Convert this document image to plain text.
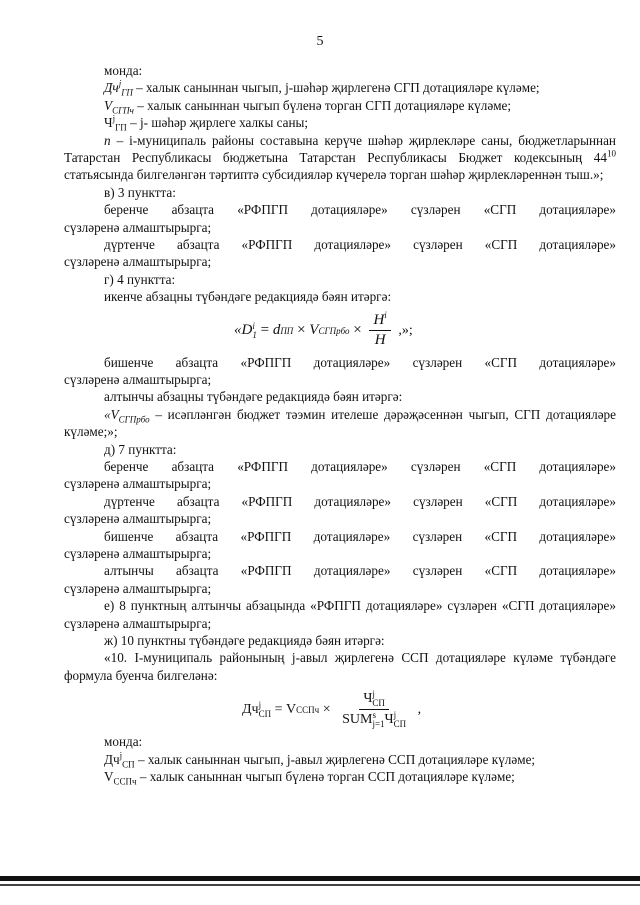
5

монда:

$Дч^j_{ГП}$ – халык саныннан чыгып, j-шәһәр җирлегенә СГП дотацияләре күләме;

$V_{СГПч}$ – халык саныннан чыгып бүленә торган СГП дотацияләре күләме;

$Ч^j_{ГП} - j-$ шәһәр җирлеге халкы саны;

n – i-муниципаль районы составына керүче шәһәр җирлекләре саны, бюджетларыннан Татарстан Республикасы бюджетына Татарстан Республикасы Бюджет кодексының $44^{10}$ статьясында билгеләнгән тәртиптә субсидияләр күчерелә торган шәһәр җирлекләреннән тыш.»;

в) 3 пунктта:

беренче абзацта «РФПГП дотацияләре» сүзләрен «СГП дотацияләре»

сүзләренә алмаштырырга;

дүртенче абзацта «РФПГП дотацияләре» сүзләрен «СГП дотацияләре»

сүзләренә алмаштырырга;

г) 4 пунктта:

икенче абзацны түбәндәге редакциядә бәян итәргә:

«D i
1 = d ПП × V СГПрбо × $\frac{H^i}{H}$ ,»;

бишенче абзацта «РФПГП дотацияләре» сүзләрен «СГП дотацияләре»

сүзләренә алмаштырырга;

алтынчы абзацны түбәндәге редакциядә бәян итәргә:

«$V_{СГПрбо}$ – исәпләнгән бюджет тәэмин ителеше дәрәҗәсеннән чыгып, СГП дотацияләре күләме;»;

д) 7 пунктта:

беренче абзацта «РФПГП дотацияләре» сүзләрен «СГП дотацияләре»

сүзләренә алмаштырырга;

дүртенче абзацта «РФПГП дотацияләре» сүзләрен «СГП дотацияләре»

сүзләренә алмаштырырга;

бишенче абзацта «РФПГП дотацияләре» сүзләрен «СГП дотацияләре»

сүзләренә алмаштырырга;

алтынчы абзацта «РФПГП дотацияләре» сүзләрен «СГП дотацияләре»

сүзләренә алмаштырырга;

е) 8 пунктның алтынчы абзацында «РФПГП дотацияләре» сүзләрен «СГП дотацияләре» сүзләренә алмаштырырга;

ж) 10 пунктны түбәндәге редакциядә бәян итәргә:

«10. I-муниципаль районының j-авыл җирлегенә ССП дотацияләре күләме түбәндәге формула буенча билгеләнә:

Дч j
СП = V ССПч × Ч j
СП
SUM s
j=1 Ч j
СП ,

монда:

$Дч^j_{СП}$ – халык саныннан чыгып, j-авыл җирлегенә ССП дотацияләре күләме;

$V_{ССПч}$ – халык саныннан чыгып бүленә торган ССП дотацияләре күләме;
